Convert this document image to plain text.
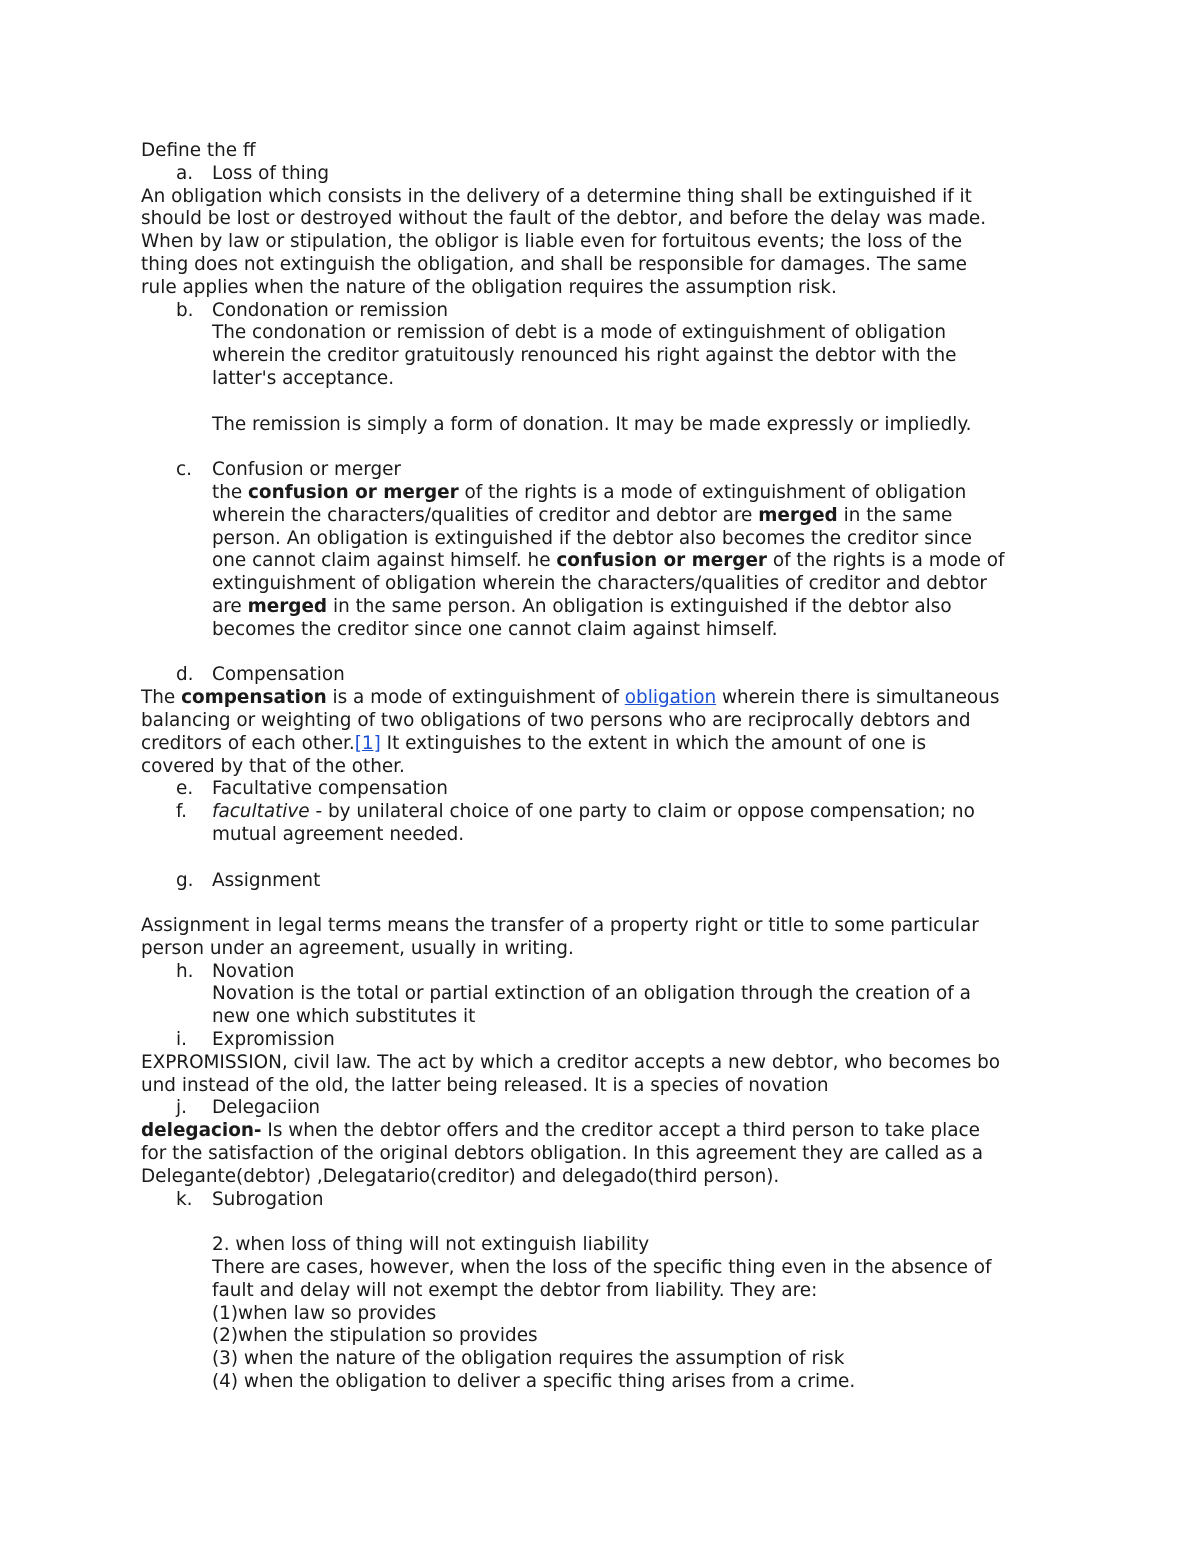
Define the ff
a. Loss of thing
An obligation which consists in the delivery of a determine thing shall be extinguished if it
should be lost or destroyed without the fault of the debtor, and before the delay was made.
When by law or stipulation, the obligor is liable even for fortuitous events; the loss of the
thing does not extinguish the obligation, and shall be responsible for damages. The same
rule applies when the nature of the obligation requires the assumption risk.
b. Condonation or remission
The condonation or remission of debt is a mode of extinguishment of obligation
wherein the creditor gratuitously renounced his right against the debtor with the
latter's acceptance.
The remission is simply a form of donation. It may be made expressly or impliedly.
c. Confusion or merger
the confusion or merger of the rights is a mode of extinguishment of obligation
wherein the characters/qualities of creditor and debtor are merged in the same
person. An obligation is extinguished if the debtor also becomes the creditor since
one cannot claim against himself. he confusion or merger of the rights is a mode of
extinguishment of obligation wherein the characters/qualities of creditor and debtor
are merged in the same person. An obligation is extinguished if the debtor also
becomes the creditor since one cannot claim against himself.
d. Compensation
The compensation is a mode of extinguishment of obligation wherein there is simultaneous
balancing or weighting of two obligations of two persons who are reciprocally debtors and
creditors of each other.[1] It extinguishes to the extent in which the amount of one is
covered by that of the other.
e. Facultative compensation
f. facultative - by unilateral choice of one party to claim or oppose compensation; no
mutual agreement needed.
g. Assignment
Assignment in legal terms means the transfer of a property right or title to some particular
person under an agreement, usually in writing.
h. Novation
Novation is the total or partial extinction of an obligation through the creation of a
new one which substitutes it
i. Expromission
EXPROMISSION, civil law. The act by which a creditor accepts a new debtor, who becomes bo
und instead of the old, the latter being released. It is a species of novation
j. Delegaciion
delegacion- Is when the debtor offers and the creditor accept a third person to take place
for the satisfaction of the original debtors obligation. In this agreement they are called as a
Delegante(debtor) ,Delegatario(creditor) and delegado(third person).
k. Subrogation
2. when loss of thing will not extinguish liability
There are cases, however, when the loss of the specific thing even in the absence of
fault and delay will not exempt the debtor from liability. They are:
(1)when law so provides
(2)when the stipulation so provides
(3) when the nature of the obligation requires the assumption of risk
(4) when the obligation to deliver a specific thing arises from a crime.
